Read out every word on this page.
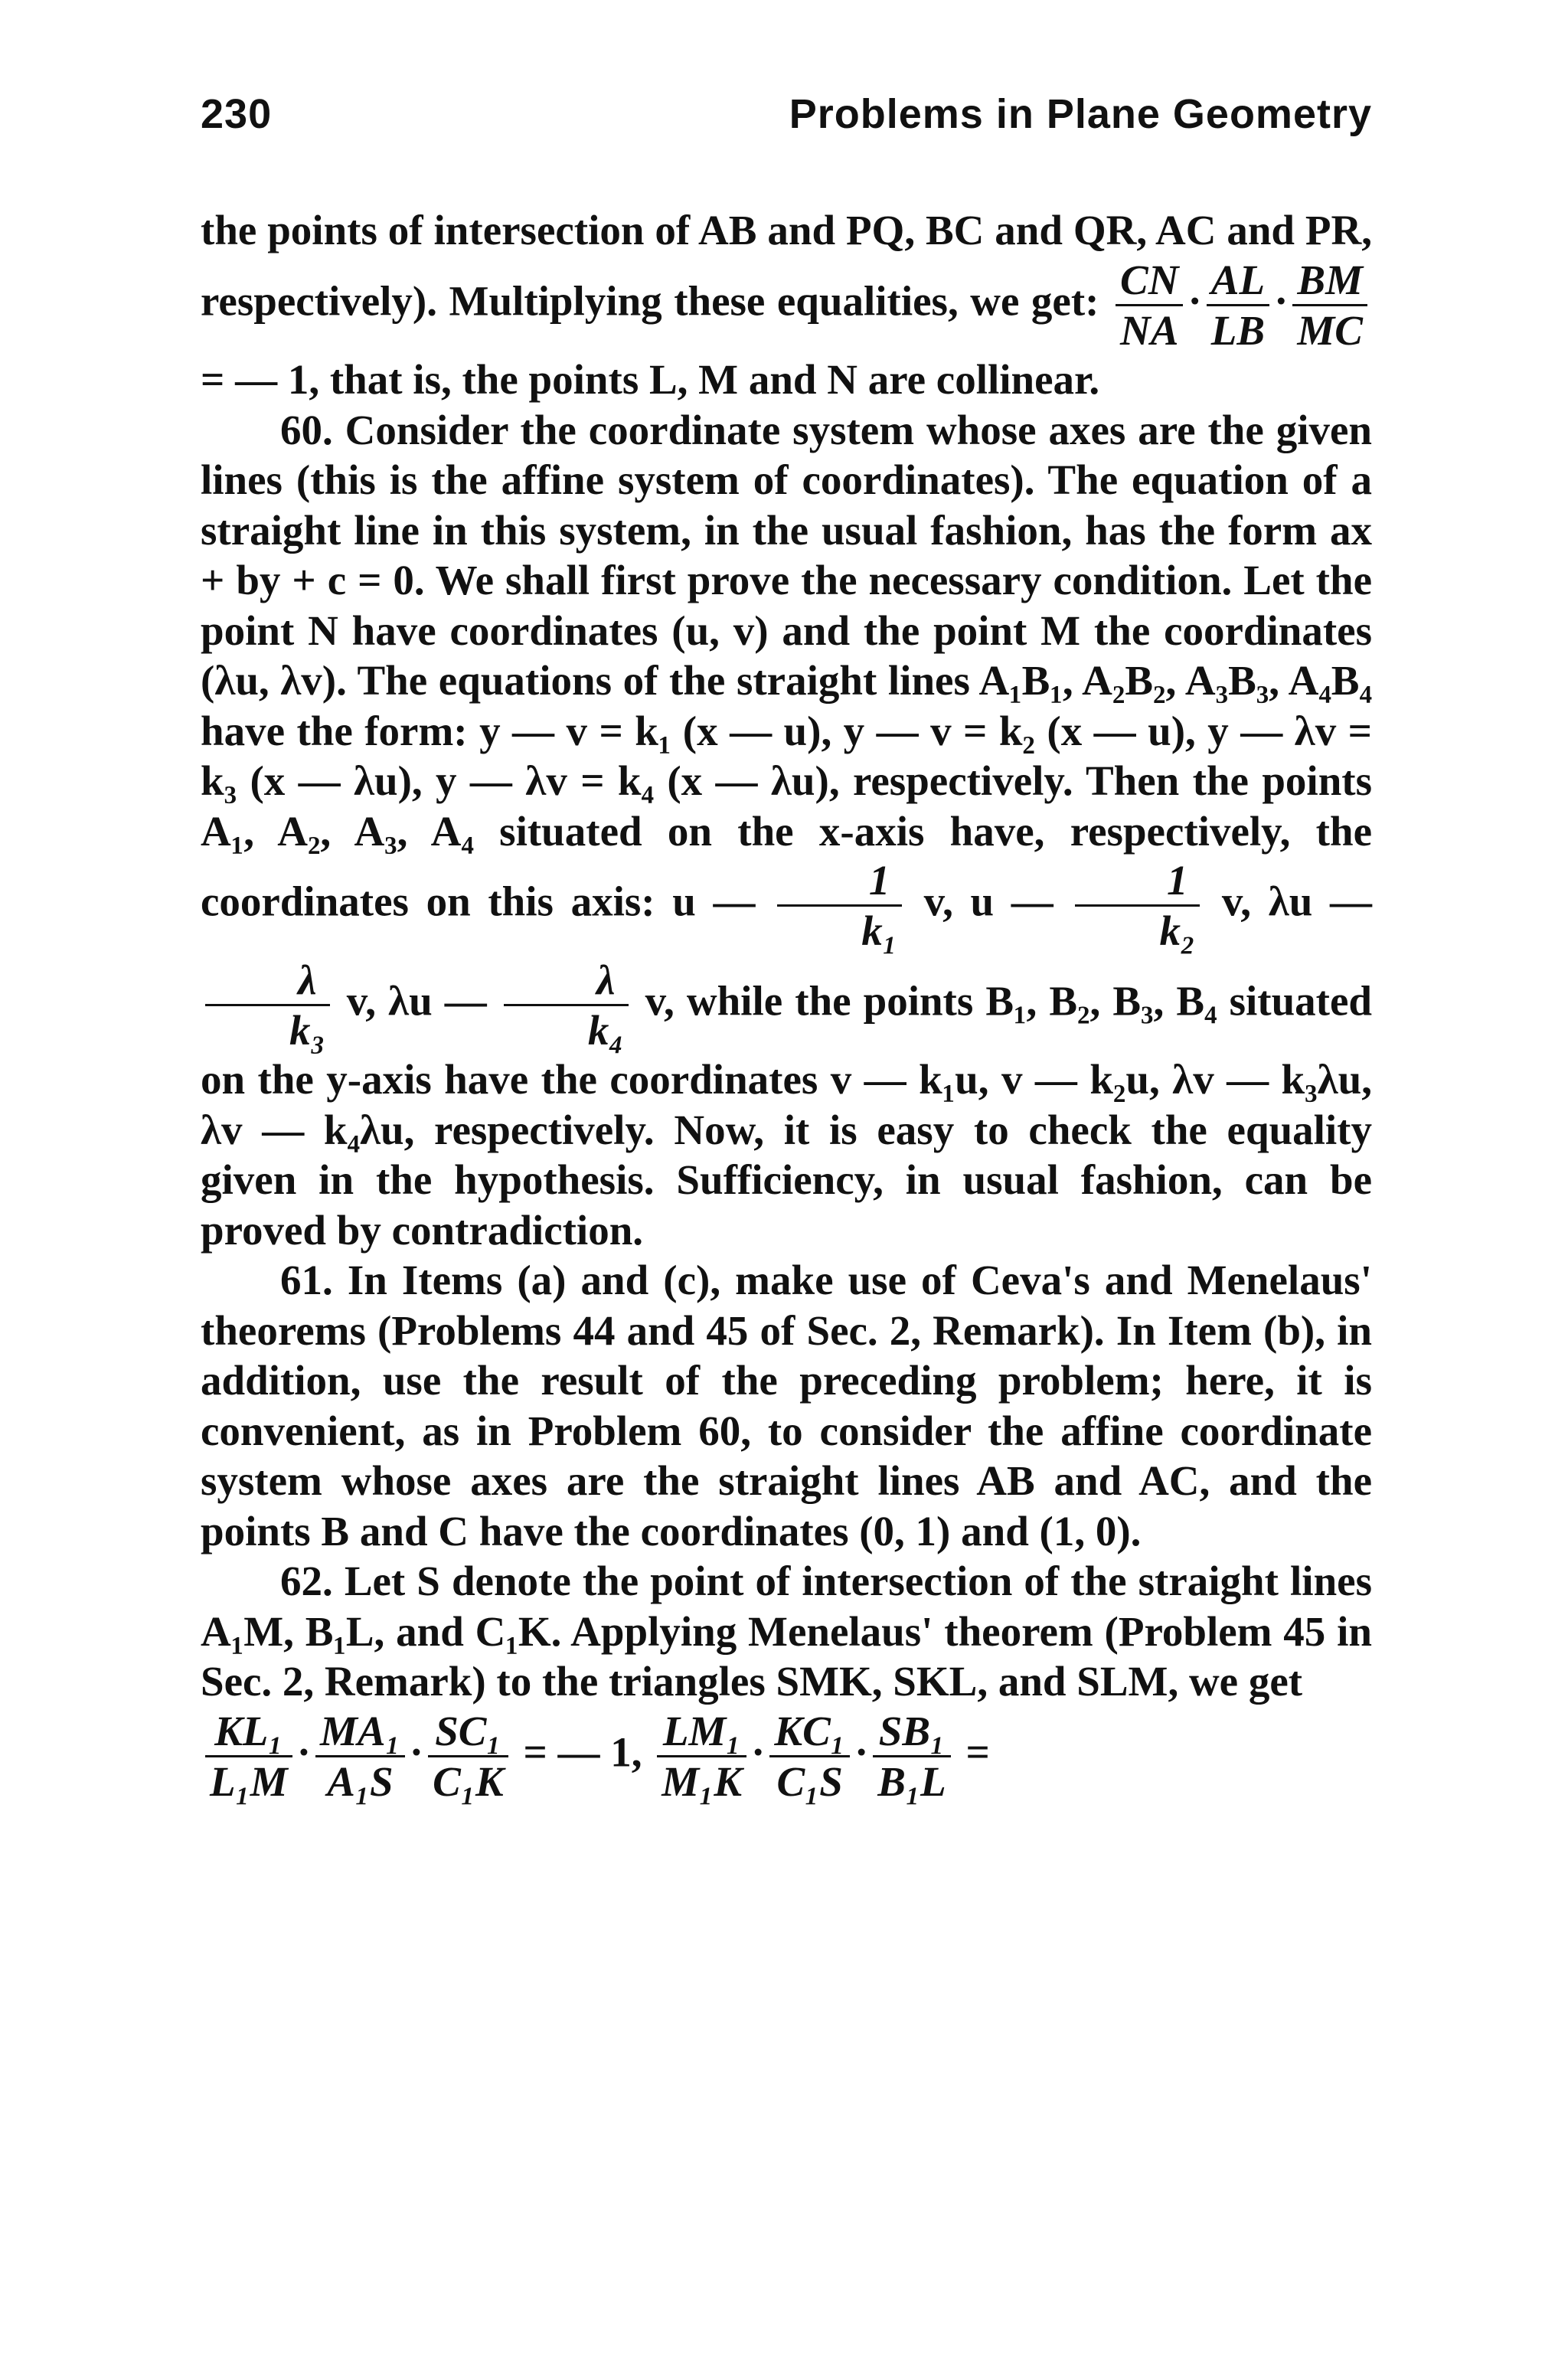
230	Problems in Plane Geometry

the points of intersection of AB and PQ, BC and QR, AC and PR, respectively). Multiplying these equalities, we get: $\frac{CN}{NA} \cdot \frac{AL}{LB} \cdot \frac{BM}{MC}$
= — 1, that is, the points L, M and N are collinear.

60. Consider the coordinate system whose axes are the given lines (this is the affine system of coordinates). The equation of a straight line in this system, in the usual fashion, has the form ax + by + c = 0. We shall first prove the necessary condition. Let the point N have coordinates (u, v) and the point M the coordinates (λu, λv). The equations of the straight lines A₁B₁, A₂B₂, A₃B₃, A₄B₄ have the form: y — v = k₁ (x — u), y — v = k₂ (x — u), y — λv = k₃ (x — λu), y — λv = k₄ (x — λu), respectively. Then the points A₁, A₂, A₃, A₄ situated on the x-axis have, respectively, the coordinates on this axis: u — $\frac{1}{\text{k₁}} v$, u — $\frac{1}{\text{k₂}} v$, λu —
$\frac{\lambda}{\text{k₃}} v$, λu — $\frac{\lambda}{\text{k₄}} v$, while the points B₁, B₂, B₃, B₄ situated on the y-axis have the coordinates v — k₁u, v — k₂u, λv — k₃λu, λv — k₄λu, respectively. Now, it is easy to check the equality given in the hypothesis. Sufficiency, in usual fashion, can be proved by contradiction.

61. In Items (a) and (c), make use of Ceva's and Menelaus' theorems (Problems 44 and 45 of Sec. 2, Remark). In Item (b), in addition, use the result of the preceding problem; here, it is convenient, as in Problem 60, to consider the affine coordinate system whose axes are the straight lines AB and AC, and the points B and C have the coordinates (0, 1) and (1, 0).

62. Let S denote the point of intersection of the straight lines A₁M, B₁L, and C₁K. Applying Menelaus' theorem (Problem 45 in Sec. 2, Remark) to the triangles SMK, SKL, and SLM, we get

$\frac{\text{KL₁}}{\text{L₁M}} \cdot \frac{\text{MA₁}}{\text{A₁S}} \cdot \frac{\text{SC₁}}{\text{C₁K}}$ = — 1, $\frac{\text{LM₁}}{\text{M₁K}} \cdot \frac{\text{KC₁}}{\text{C₁S}} \cdot \frac{\text{SB₁}}{\text{B₁L}}$ =
